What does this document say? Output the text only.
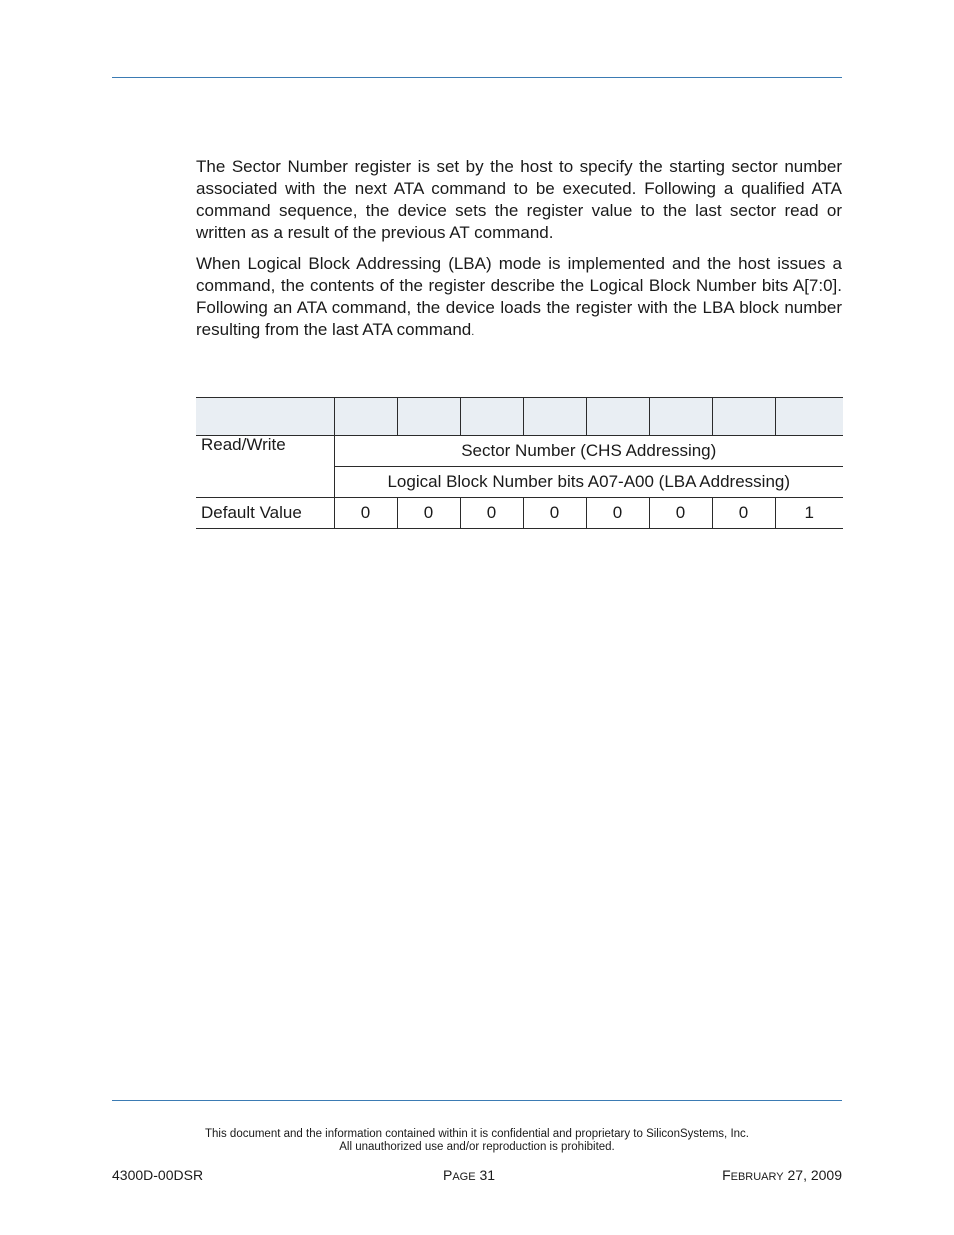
The Sector Number register is set by the host to specify the starting sector number associated with the next ATA command to be executed. Following a qualified ATA command sequence, the device sets the register value to the last sector read or written as a result of the previous AT command.

When Logical Block Addressing (LBA) mode is implemented and the host issues a command, the contents of the register describe the Logical Block Number bits A[7:0]. Following an ATA command, the device loads the register with the LBA block number resulting from the last ATA command.

Read/Write	Sector Number (CHS Addressing)							
	Logical Block Number bits A07-A00 (LBA Addressing)							
Default Value	0	0	0	0	0	0	0	1
This document and the information contained within it is confidential and proprietary to SiliconSystems, Inc.
All unauthorized use and/or reproduction is prohibited.
4300D-00DSR	PAGE 31	FEBRUARY 27, 2009
